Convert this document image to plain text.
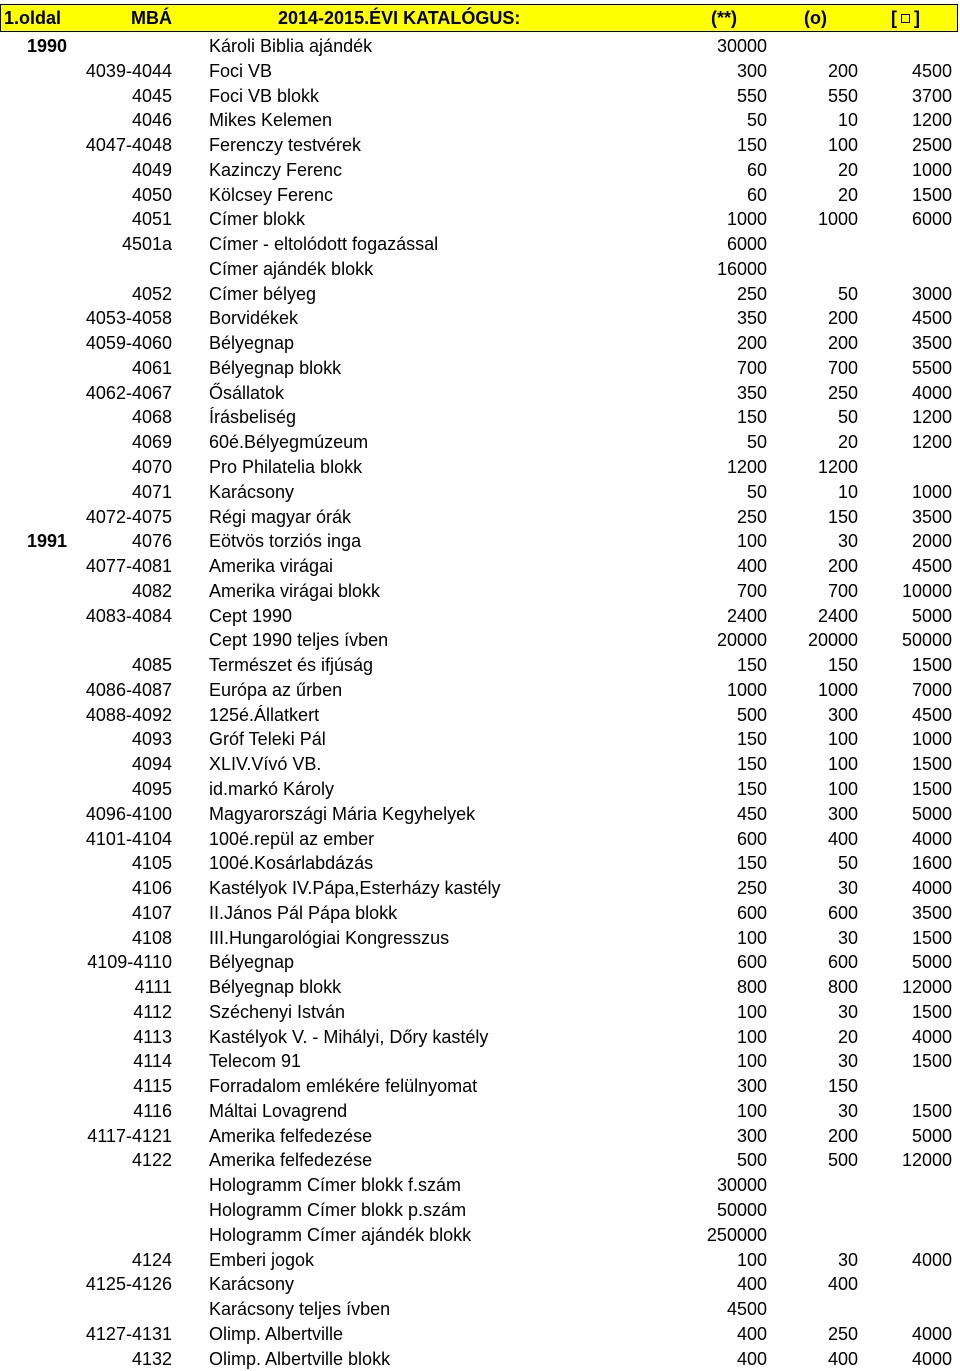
1.oldal	MBÁ	2014-2015.ÉVI KATALÓGUS:	(**)	(o)	[ ]
1990	Károli Biblia ajándék	30000
4039-4044 Foci VB	300	200	4500
4045 Foci VB blokk	550	550	3700
4046 Mikes Kelemen	50	10	1200
4047-4048 Ferenczy testvérek	150	100	2500
4049 Kazinczy Ferenc	60	20	1000
4050 Kölcsey Ferenc	60	20	1500
4051 Címer blokk	1000	1000	6000
4501a Címer - eltolódott fogazással	6000
Címer ajándék blokk	16000
4052 Címer bélyeg	250	50	3000
4053-4058 Borvidékek	350	200	4500
4059-4060 Bélyegnap	200	200	3500
4061 Bélyegnap blokk	700	700	5500
4062-4067 Ősállatok	350	250	4000
4068 Írásbeliség	150	50	1200
4069 60é.Bélyegmúzeum	50	20	1200
4070 Pro Philatelia blokk	1200	1200
4071 Karácsony	50	10	1000
4072-4075 Régi magyar órák	250	150	3500
1991	4076 Eötvös torziós inga	100	30	2000
4077-4081 Amerika virágai	400	200	4500
4082 Amerika virágai blokk	700	700 10000
4083-4084 Cept 1990	2400	2400	5000
Cept 1990 teljes ívben	20000 20000 50000
4085 Természet és ifjúság	150	150	1500
4086-4087 Európa az űrben	1000	1000	7000
4088-4092 125é.Állatkert	500	300	4500
4093 Gróf Teleki Pál	150	100	1000
4094 XLIV.Vívó VB.	150	100	1500
4095 id.markó Károly	150	100	1500
4096-4100 Magyarországi Mária Kegyhelyek	450	300	5000
4101-4104 100é.repül az ember	600	400	4000
4105 100é.Kosárlabdázás	150	50	1600
4106 Kastélyok IV.Pápa,Esterházy kastély	250	30	4000
4107 II.János Pál Pápa blokk	600	600	3500
4108 III.Hungarológiai Kongresszus	100	30	1500
4109-4110 Bélyegnap	600	600	5000
4111 Bélyegnap blokk	800	800 12000
4112 Széchenyi István	100	30	1500
4113 Kastélyok V. - Mihályi, Dőry kastély	100	20	4000
4114 Telecom 91	100	30	1500
4115 Forradalom emlékére felülnyomat	300	150
4116 Máltai Lovagrend	100	30	1500
4117-4121 Amerika felfedezése	300	200	5000
4122 Amerika felfedezése	500	500 12000
Hologramm Címer blokk f.szám	30000
Hologramm Címer blokk p.szám	50000
Hologramm Címer ajándék blokk	250000
4124 Emberi jogok	100	30	4000
4125-4126 Karácsony	400	400
Karácsony teljes ívben	4500
4127-4131 Olimp. Albertville	400	250	4000
4132 Olimp. Albertville blokk	400	400	4000
